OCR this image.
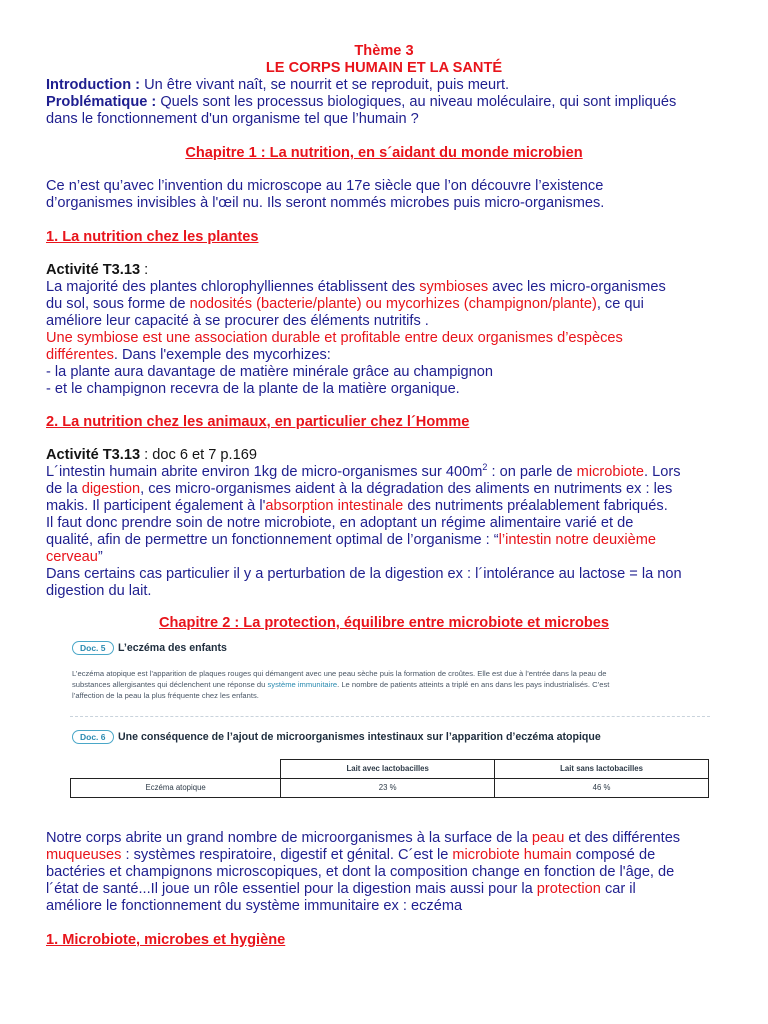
Thème 3
LE CORPS HUMAIN ET LA SANTÉ
Introduction : Un être vivant naît, se nourrit et se reproduit, puis meurt.
Problématique : Quels sont les processus biologiques, au niveau moléculaire, qui sont impliqués
dans le fonctionnement d'un organisme tel que l’humain ?
Chapitre 1 : La nutrition, en s´aidant du monde microbien
Ce n’est qu’avec l’invention du microscope au 17e siècle que l’on découvre l’existence
d’organismes invisibles à l'œil nu. Ils seront nommés microbes puis micro-organismes.
1. La nutrition chez les plantes
Activité T3.13 :
La majorité des plantes chlorophylliennes établissent des symbioses avec les micro-organismes
du sol, sous forme de nodosités (bacterie/plante) ou mycorhizes (champignon/plante), ce qui
améliore leur capacité à se procurer des éléments nutritifs .
Une symbiose est une association durable et profitable entre deux organismes d’espèces
différentes. Dans l'exemple des mycorhizes:
- la plante aura davantage de matière minérale grâce au champignon
- et le champignon recevra de la plante de la matière organique.
2. La nutrition chez les animaux, en particulier chez l´Homme
Activité T3.13 : doc 6 et 7 p.169
L´intestin humain abrite environ 1kg de micro-organismes sur $400m^2$ : on parle de microbiote. Lors
de la digestion, ces micro-organismes aident à la dégradation des aliments en nutriments ex : les
makis. Il participent également à l'absorption intestinale des nutriments préalablement fabriqués.
Il faut donc prendre soin de notre microbiote, en adoptant un régime alimentaire varié et de
qualité, afin de permettre un fonctionnement optimal de l’organisme : “l’intestin notre deuxième
cerveau”
Dans certains cas particulier il y a perturbation de la digestion ex : l´intolérance au lactose = la non
digestion du lait.
Chapitre 2 : La protection, équilibre entre microbiote et microbes
Doc. 5	L’eczéma des enfants
L’eczéma atopique est l’apparition de plaques rouges qui démangent avec une peau sèche puis la formation de croûtes. Elle est due à l’entrée dans la peau de
substances allergisantes qui déclenchent une réponse du système immunitaire. Le nombre de patients atteints a triplé en ans dans les pays industrialisés. C’est
l’affection de la peau la plus fréquente chez les enfants.
Doc. 6	Une conséquence de l’ajout de microorganismes intestinaux sur l’apparition d’eczéma atopique
	Lait avec lactobacilles	Lait sans lactobacilles
Eczéma atopique	23 %	46 %
Notre corps abrite un grand nombre de microorganismes à la surface de la peau et des différentes
muqueuses : systèmes respiratoire, digestif et génital. C´est le microbiote humain composé de
bactéries et champignons microscopiques, et dont la composition change en fonction de l'âge, de
l´état de santé...Il joue un rôle essentiel pour la digestion mais aussi pour la protection car il
améliore le fonctionnement du système immunitaire ex : eczéma
1. Microbiote, microbes et hygiène
